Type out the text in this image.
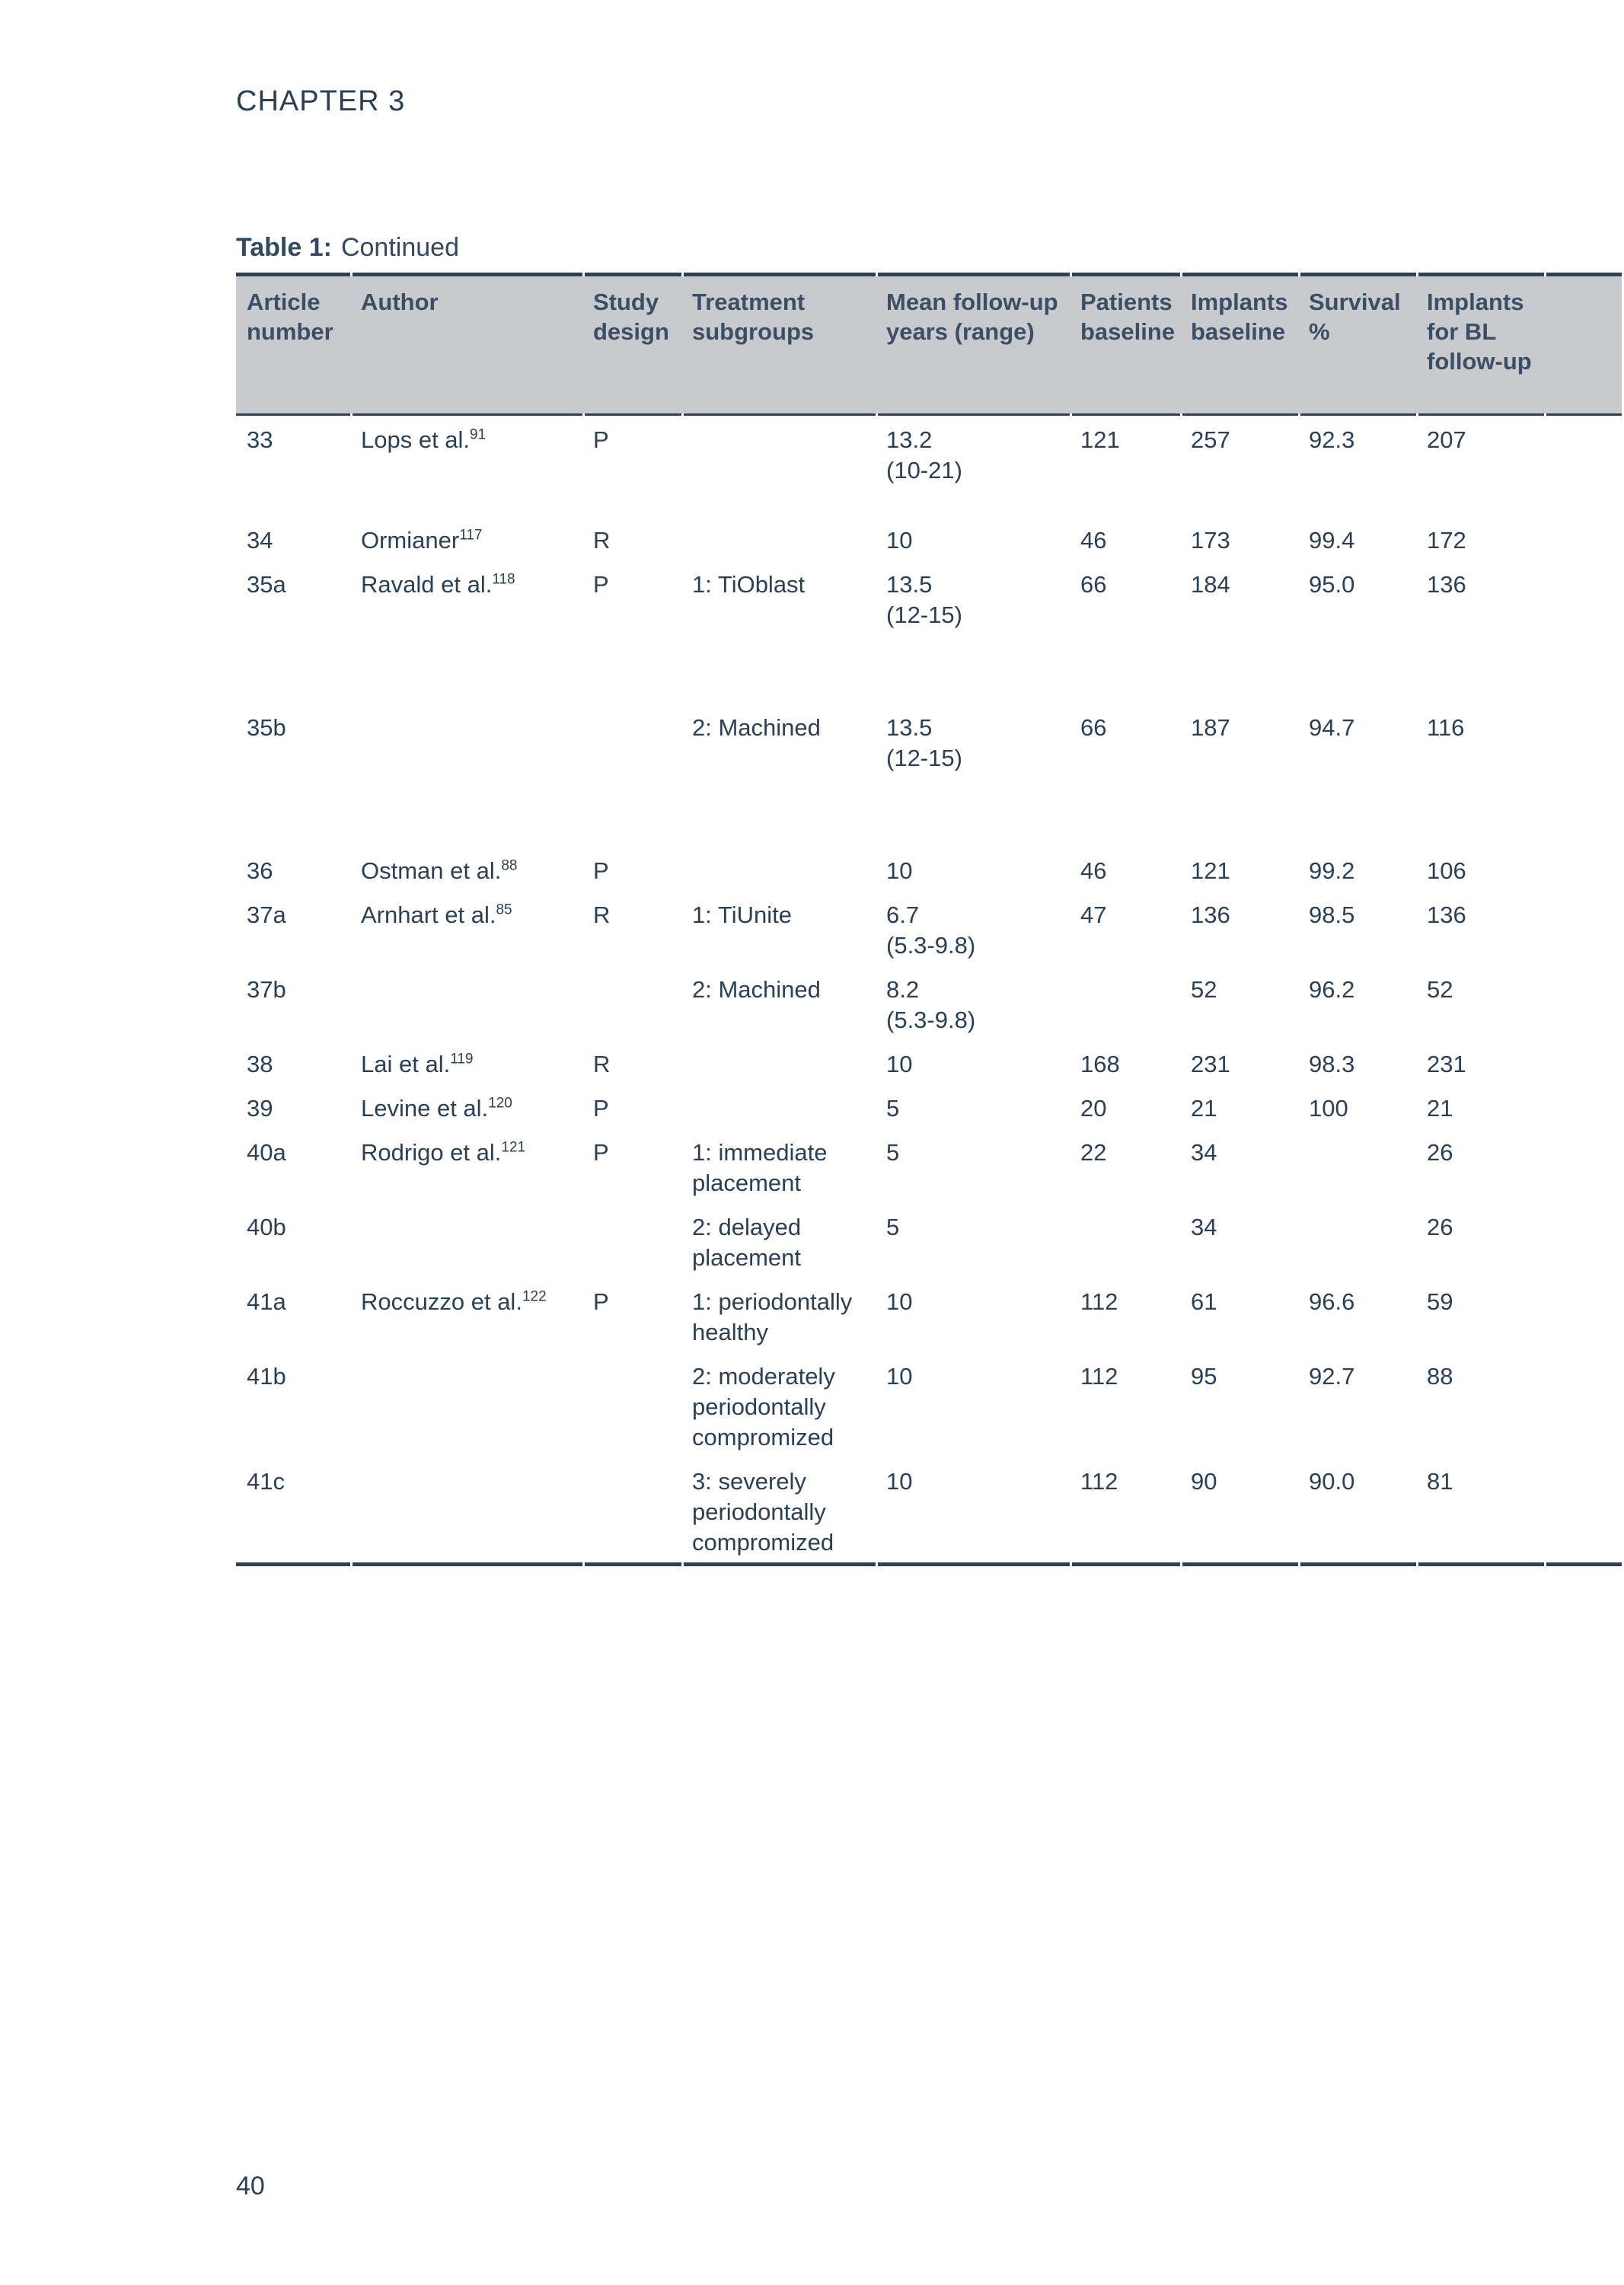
CHAPTER 3
Table 1: Continued

Article number	Author	Study design	Treatment subgroups	Mean follow-up years (range)	Patients baseline	Implants baseline	Survival %	Implants for BL follow-up	

33	Lops et al.$^{91}$	P		13.2
(10-21)	121	257	92.3	207	
34	Ormianer$^{117}$	R		10	46	173	99.4	172	
35a	Ravald et al.$^{118}$	P	1: TiOblast	13.5
(12-15)	66	184	95.0	136	
35b			2: Machined	13.5
(12-15)	66	187	94.7	116	
36	Ostman et al.$^{88}$	P		10	46	121	99.2	106	
37a	Arnhart et al.$^{85}$	R	1: TiUnite	6.7
(5.3-9.8)	47	136	98.5	136	
37b			2: Machined	8.2
(5.3-9.8)		52	96.2	52	
38	Lai et al.$^{119}$	R		10	168	231	98.3	231	
39	Levine et al.$^{120}$	P		5	20	21	100	21	
40a	Rodrigo et al.$^{121}$	P	1: immediate placement	5	22	34		26	
40b			2: delayed placement	5		34		26	
41a	Roccuzzo et al.$^{122}$	P	1: periodontally healthy	10	112	61	96.6	59	
41b			2: moderately periodontally compromized	10	112	95	92.7	88	
41c			3: severely periodontally compromized	10	112	90	90.0	81	

40
